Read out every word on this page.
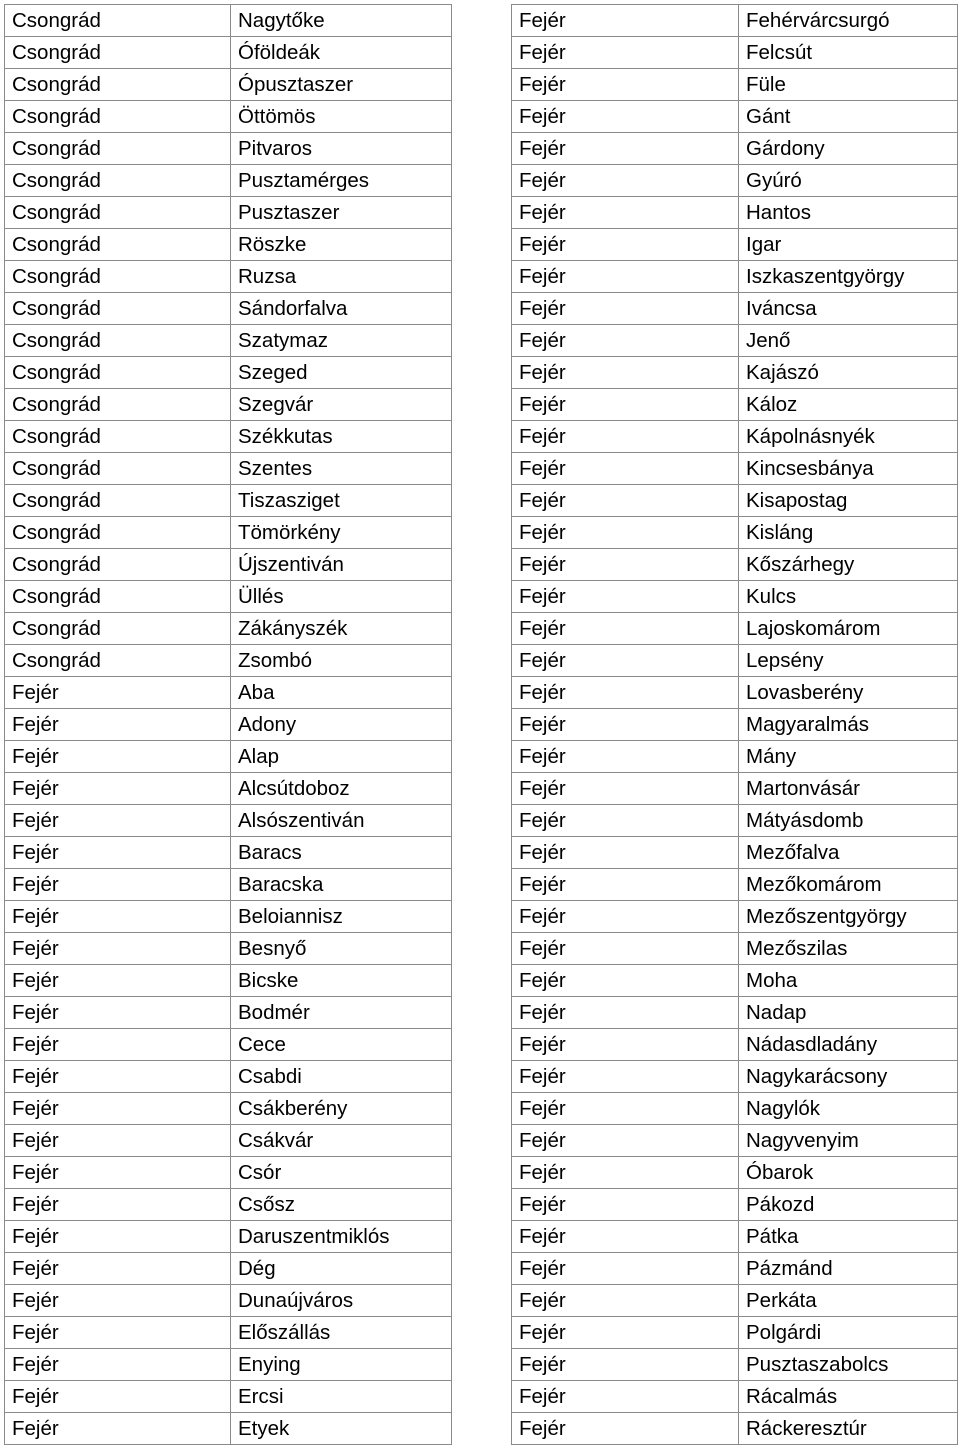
Csongrád	Nagytőke
Csongrád	Óföldeák
Csongrád	Ópusztaszer
Csongrád	Öttömös
Csongrád	Pitvaros
Csongrád	Pusztamérges
Csongrád	Pusztaszer
Csongrád	Röszke
Csongrád	Ruzsa
Csongrád	Sándorfalva
Csongrád	Szatymaz
Csongrád	Szeged
Csongrád	Szegvár
Csongrád	Székkutas
Csongrád	Szentes
Csongrád	Tiszasziget
Csongrád	Tömörkény
Csongrád	Újszentiván
Csongrád	Üllés
Csongrád	Zákányszék
Csongrád	Zsombó
Fejér	Aba
Fejér	Adony
Fejér	Alap
Fejér	Alcsútdoboz
Fejér	Alsószentiván
Fejér	Baracs
Fejér	Baracska
Fejér	Beloiannisz
Fejér	Besnyő
Fejér	Bicske
Fejér	Bodmér
Fejér	Cece
Fejér	Csabdi
Fejér	Csákberény
Fejér	Csákvár
Fejér	Csór
Fejér	Csősz
Fejér	Daruszentmiklós
Fejér	Dég
Fejér	Dunaújváros
Fejér	Előszállás
Fejér	Enying
Fejér	Ercsi
Fejér	Etyek
Fejér	Fehérvárcsurgó
Fejér	Felcsút
Fejér	Füle
Fejér	Gánt
Fejér	Gárdony
Fejér	Gyúró
Fejér	Hantos
Fejér	Igar
Fejér	Iszkaszentgyörgy
Fejér	Iváncsa
Fejér	Jenő
Fejér	Kajászó
Fejér	Káloz
Fejér	Kápolnásnyék
Fejér	Kincsesbánya
Fejér	Kisapostag
Fejér	Kisláng
Fejér	Kőszárhegy
Fejér	Kulcs
Fejér	Lajoskomárom
Fejér	Lepsény
Fejér	Lovasberény
Fejér	Magyaralmás
Fejér	Mány
Fejér	Martonvásár
Fejér	Mátyásdomb
Fejér	Mezőfalva
Fejér	Mezőkomárom
Fejér	Mezőszentgyörgy
Fejér	Mezőszilas
Fejér	Moha
Fejér	Nadap
Fejér	Nádasdladány
Fejér	Nagykarácsony
Fejér	Nagylók
Fejér	Nagyvenyim
Fejér	Óbarok
Fejér	Pákozd
Fejér	Pátka
Fejér	Pázmánd
Fejér	Perkáta
Fejér	Polgárdi
Fejér	Pusztaszabolcs
Fejér	Rácalmás
Fejér	Ráckeresztúr
